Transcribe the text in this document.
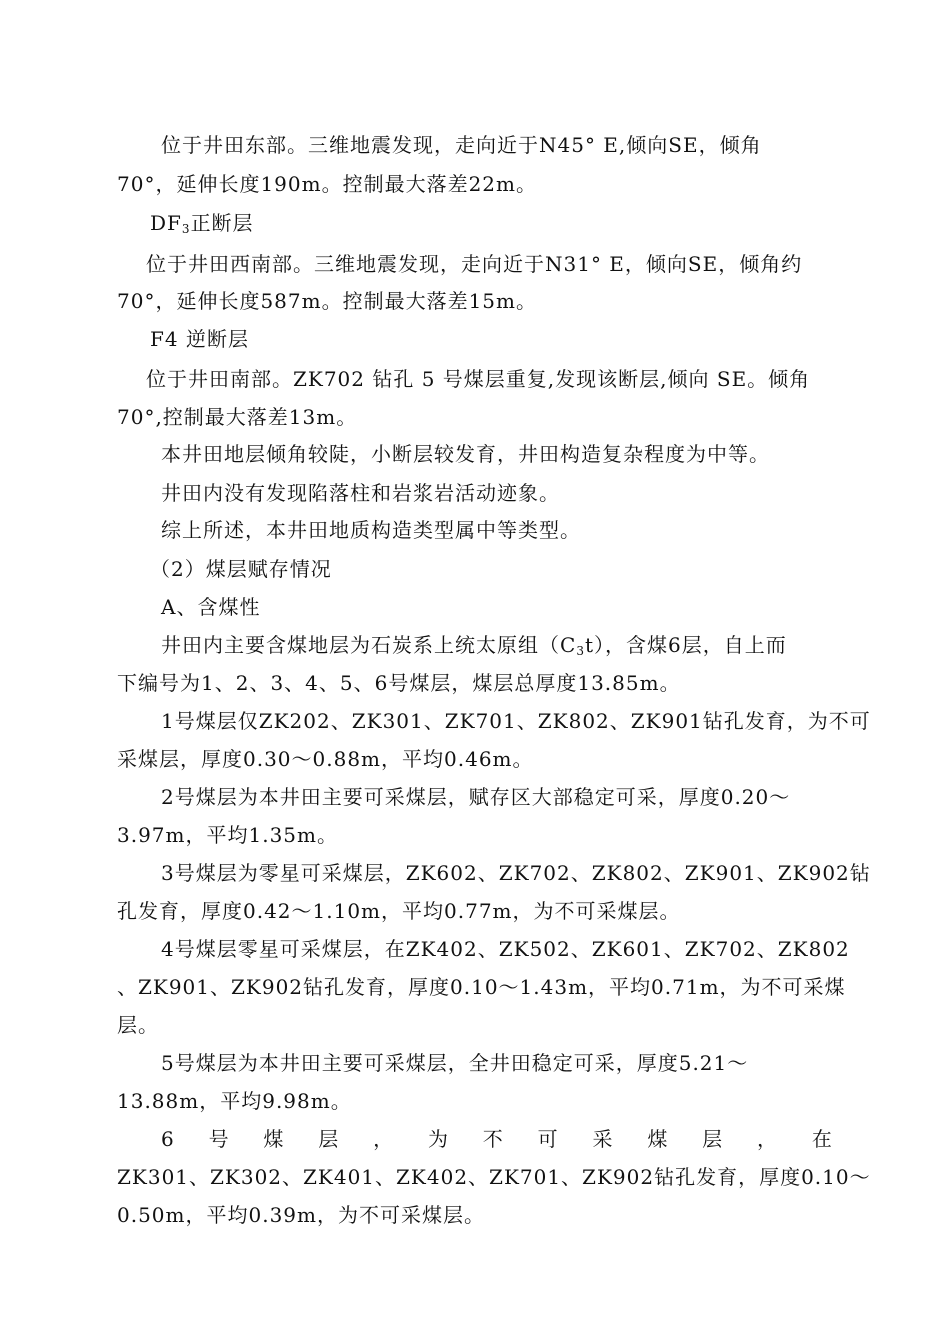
位于井田东部。三维地震发现，走向近于N45° E,倾向SE，倾角
70°，延伸长度190m。控制最大落差22m。
$DF_3$正断层
位于井田西南部。三维地震发现，走向近于N31° E，倾向SE，倾角约
70°，延伸长度587m。控制最大落差15m。
F4 逆断层
位于井田南部。ZK702 钻孔 5 号煤层重复,发现该断层,倾向 SE。倾角
70°,控制最大落差13m。
本井田地层倾角较陡，小断层较发育，井田构造复杂程度为中等。
井田内没有发现陷落柱和岩浆岩活动迹象。
综上所述，本井田地质构造类型属中等类型。
（2）煤层赋存情况
A、含煤性
井田内主要含煤地层为石炭系上统太原组$(C_3t)$，含煤6层，自上而
下编号为1、2、3、4、5、6号煤层，煤层总厚度13.85m。
1号煤层仅ZK202、ZK301、ZK701、ZK802、ZK901钻孔发育，为不可
采煤层，厚度0.30～0.88m，平均0.46m。
2号煤层为本井田主要可采煤层，赋存区大部稳定可采，厚度0.20～
3.97m，平均1.35m。
3号煤层为零星可采煤层，ZK602、ZK702、ZK802、ZK901、ZK902钻
孔发育，厚度0.42～1.10m，平均0.77m，为不可采煤层。
4号煤层零星可采煤层，在ZK402、ZK502、ZK601、ZK702、ZK802
、ZK901、ZK902钻孔发育，厚度0.10～1.43m，平均0.71m，为不可采煤
层。
5号煤层为本井田主要可采煤层，全井田稳定可采，厚度5.21～
13.88m，平均9.98m。
6 号 煤 层 ， 为 不 可 采 煤 层 ， 在
ZK301、ZK302、ZK401、ZK402、ZK701、ZK902钻孔发育，厚度0.10～
0.50m，平均0.39m，为不可采煤层。
